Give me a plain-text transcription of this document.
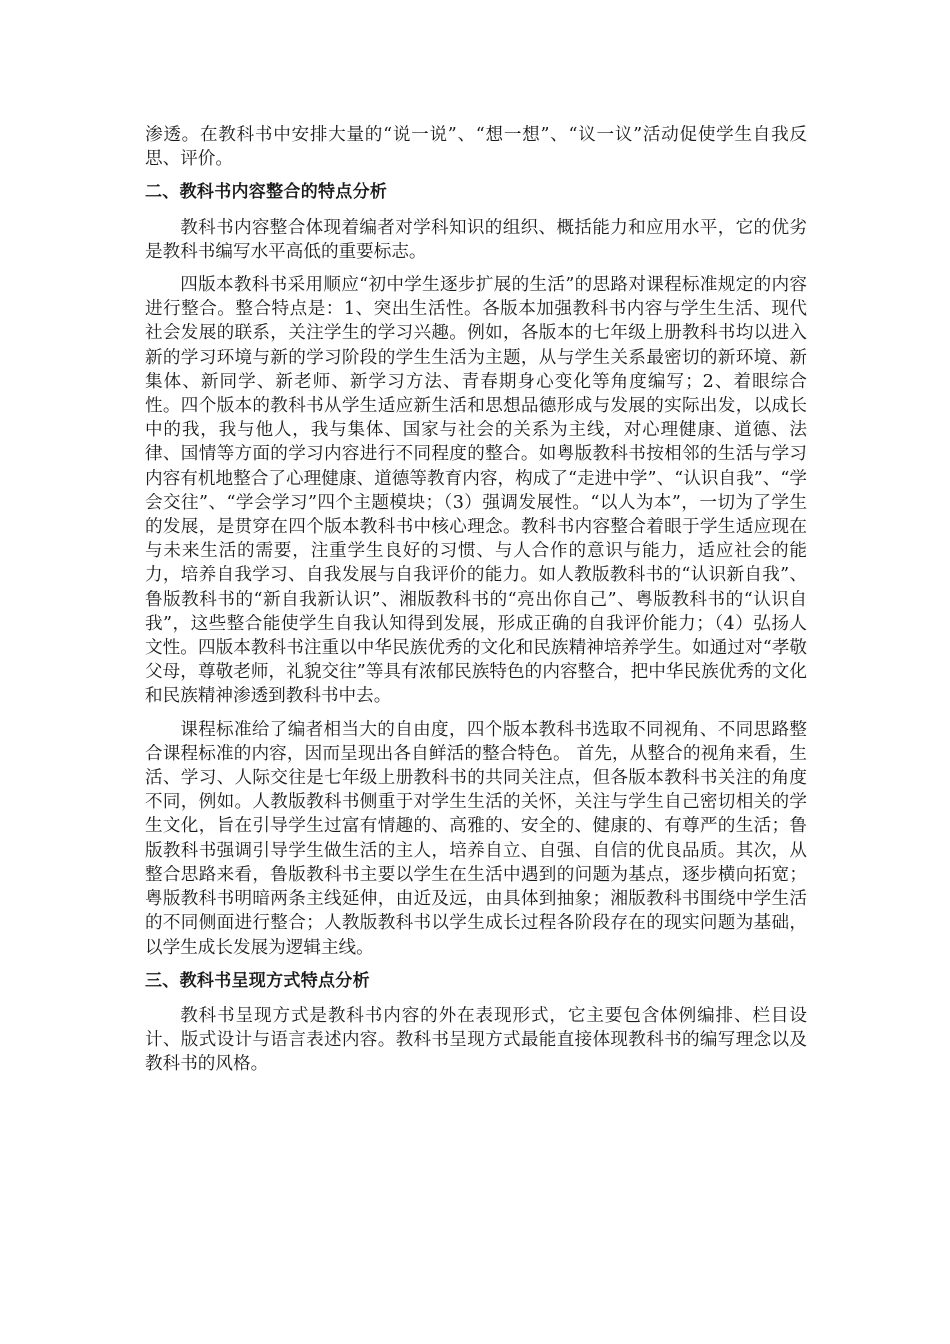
渗透。在教科书中安排大量的“说一说”、“想一想”、“议一议”活动促使学生自我反思、评价。

二、教科书内容整合的特点分析

教科书内容整合体现着编者对学科知识的组织、概括能力和应用水平，它的优劣是教科书编写水平高低的重要标志。

四版本教科书采用顺应“初中学生逐步扩展的生活”的思路对课程标准规定的内容进行整合。整合特点是：1、突出生活性。各版本加强教科书内容与学生生活、现代社会发展的联系，关注学生的学习兴趣。例如，各版本的七年级上册教科书均以进入新的学习环境与新的学习阶段的学生生活为主题，从与学生关系最密切的新环境、新集体、新同学、新老师、新学习方法、青春期身心变化等角度编写；2、着眼综合性。四个版本的教科书从学生适应新生活和思想品德形成与发展的实际出发，以成长中的我，我与他人，我与集体、国家与社会的关系为主线，对心理健康、道德、法律、国情等方面的学习内容进行不同程度的整合。如粤版教科书按相邻的生活与学习内容有机地整合了心理健康、道德等教育内容，构成了“走进中学”、“认识自我”、“学会交往”、“学会学习”四个主题模块；（3）强调发展性。“以人为本”，一切为了学生的发展，是贯穿在四个版本教科书中核心理念。教科书内容整合着眼于学生适应现在与未来生活的需要，注重学生良好的习惯、与人合作的意识与能力，适应社会的能力，培养自我学习、自我发展与自我评价的能力。如人教版教科书的“认识新自我”、鲁版教科书的“新自我新认识”、湘版教科书的“亮出你自己”、粤版教科书的“认识自我”，这些整合能使学生自我认知得到发展，形成正确的自我评价能力；（4）弘扬人文性。四版本教科书注重以中华民族优秀的文化和民族精神培养学生。如通过对“孝敬父母，尊敬老师，礼貌交往”等具有浓郁民族特色的内容整合，把中华民族优秀的文化和民族精神渗透到教科书中去。

课程标准给了编者相当大的自由度，四个版本教科书选取不同视角、不同思路整合课程标准的内容，因而呈现出各自鲜活的整合特色。 首先，从整合的视角来看，生活、学习、人际交往是七年级上册教科书的共同关注点，但各版本教科书关注的角度不同，例如。人教版教科书侧重于对学生生活的关怀，关注与学生自己密切相关的学生文化，旨在引导学生过富有情趣的、高雅的、安全的、健康的、有尊严的生活；鲁版教科书强调引导学生做生活的主人，培养自立、自强、自信的优良品质。其次，从整合思路来看，鲁版教科书主要以学生在生活中遇到的问题为基点，逐步横向拓宽；粤版教科书明暗两条主线延伸，由近及远，由具体到抽象；湘版教科书围绕中学生活的不同侧面进行整合；人教版教科书以学生成长过程各阶段存在的现实问题为基础，以学生成长发展为逻辑主线。

三、教科书呈现方式特点分析

教科书呈现方式是教科书内容的外在表现形式，它主要包含体例编排、栏目设计、版式设计与语言表述内容。教科书呈现方式最能直接体现教科书的编写理念以及教科书的风格。
